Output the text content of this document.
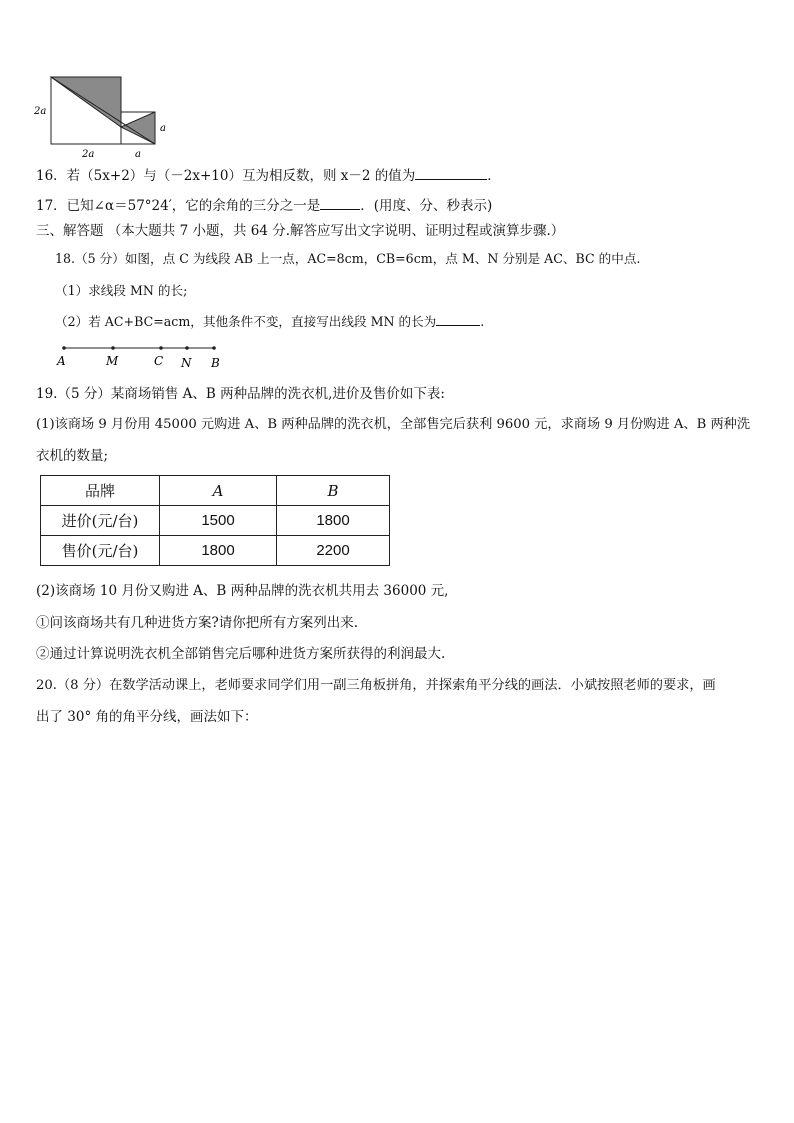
2a
2a	a
a
16．若（5x+2）与（－2x+10）互为相反数，则 x－2 的值为	．
17．已知∠α＝57°24′，它的余角的三分之一是	．(用度、分、秒表示)
三、解答题 （本大题共 7 小题，共 64 分.解答应写出文字说明、证明过程或演算步骤.）
18.（5 分）如图，点 C 为线段 AB 上一点，AC=8cm，CB=6cm，点 M、N 分别是 AC、BC 的中点.
（1）求线段 MN 的长;
（2）若 AC+BC=acm，其他条件不变，直接写出线段 MN 的长为	.
A	M	C N B
19.（5 分）某商场销售 A、B 两种品牌的洗衣机,进价及售价如下表:
(1)该商场 9 月份用 45000 元购进 A、B 两种品牌的洗衣机，全部售完后获利 9600 元，求商场 9 月份购进 A、B 两种洗
衣机的数量;
品牌	A	B
进价(元/台)	1500	1800
售价(元/台)	1800	2200
(2)该商场 10 月份又购进 A、B 两种品牌的洗衣机共用去 36000 元,
①问该商场共有几种进货方案?请你把所有方案列出来.
②通过计算说明洗衣机全部销售完后哪种进货方案所获得的利润最大.
20.（8 分）在数学活动课上，老师要求同学们用一副三角板拼角，并探索角平分线的画法．小斌按照老师的要求，画
出了 30° 角的角平分线，画法如下：
